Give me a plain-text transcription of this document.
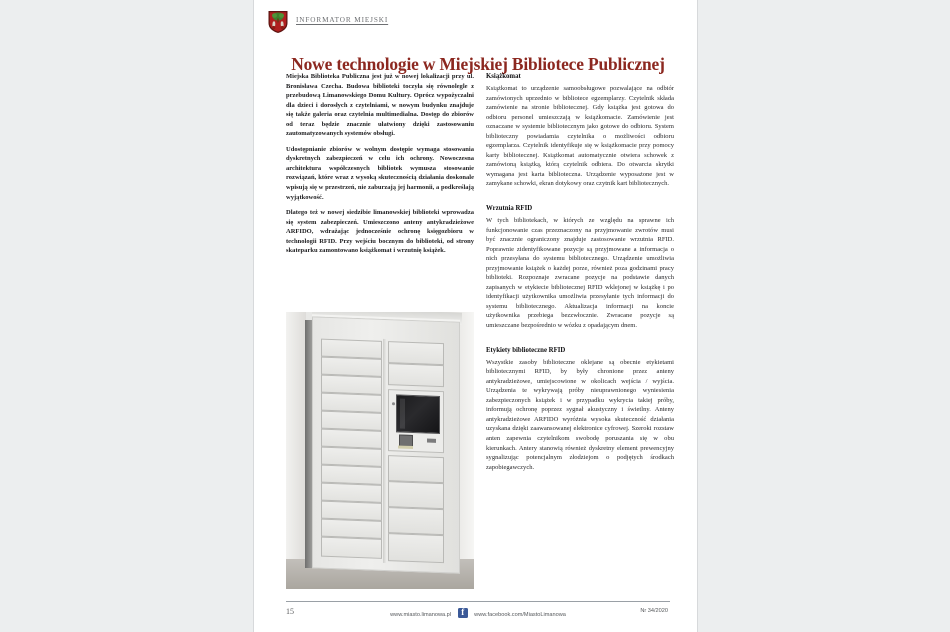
INFORMATOR MIEJSKI
Nowe technologie w Miejskiej Bibliotece Publicznej

Miejska Biblioteka Publiczna jest już w nowej lokalizacji przy ul. Bronisława Czecha. Budowa biblioteki toczyła się równolegle z przebudową Limanowskiego Domu Kultury. Oprócz wypożyczalni dla dzieci i dorosłych z czytelniami, w nowym budynku znajduje się także galeria oraz czytelnia multimedialna. Dostęp do zbiorów od teraz będzie znacznie ułatwiony dzięki zastosowaniu zautomatyzowanych systemów obsługi.

Udostępnianie zbiorów w wolnym dostępie wymaga stosowania dyskretnych zabezpieczeń w celu ich ochrony. Nowoczesna architektura współczesnych bibliotek wymusza stosowanie rozwiązań, które wraz z wysoką skutecznością działania doskonale wpisują się w przestrzeń, nie zaburzają jej harmonii, a podkreślają wyjątkowość.

Dlatego też w nowej siedzibie limanowskiej biblioteki wprowadza się system zabezpieczeń. Umieszczono anteny antykradzieżowe ARFIDO, wdrażając jednocześnie ochronę księgozbioru w technologii RFID. Przy wejściu bocznym do biblioteki, od strony skateparku zamontowano książkomat i wrzutnię książek.

Książkomat

Książkomat to urządzenie samoobsługowe pozwalające na odbiór zamówionych uprzednio w bibliotece egzemplarzy. Czytelnik składa zamówienie na stronie bibliotecznej. Gdy książka jest gotowa do odbioru personel umieszczają w książkomacie. Zamówienie jest oznaczane w systemie bibliotecznym jako gotowe do odbioru. System biblioteczny powiadamia czytelnika o możliwości odbioru egzemplarza. Czytelnik identyfikuje się w książkomacie przy pomocy karty bibliotecznej. Książkomat automatycznie otwiera schowek z zamówioną książką, którą czytelnik odbiera. Do otwarcia skrytki wymagana jest karta biblioteczna. Urządzenie wyposażone jest w zamykane schowki, ekran dotykowy oraz czytnik kart bibliotecznych.

Wrzutnia RFID

W tych bibliotekach, w których ze względu na sprawne ich funkcjonowanie czas przeznaczony na przyjmowanie zwrotów musi być znacznie ograniczony znajduje zastosowanie wrzutnia RFID. Poprawnie zidentyfikowane pozycje są przyjmowane a informacja o nich przesyłana do systemu bibliotecznego. Urządzenie umożliwia przyjmowanie książek o każdej porze, również poza godzinami pracy biblioteki. Rozpoznaje zwracane pozycje na podstawie danych zapisanych w etykiecie bibliotecznej RFID wklejonej w książkę i po identyfikacji użytkownika umożliwia przesyłanie tych informacji do systemu bibliotecznego. Aktualizacja informacji na koncie użytkownika przebiega bezzwłocznie. Zwracane pozycje są umieszczane bezpośrednio w wózku z opadającym dnem.

Etykiety biblioteczne RFID

Wszystkie zasoby biblioteczne oklejane są obecnie etykietami bibliotecznymi RFID, by były chronione przez anteny antykradzieżowe, umiejscowione w okolicach wejścia / wyjścia. Urządzenia te wykrywają próby nieuprawnionego wyniesienia zabezpieczonych książek i w przypadku wykrycia takiej próby, informują ochronę poprzez sygnał akustyczny i świetlny. Anteny antykradzieżowe ARFIDO wyróżnia wysoka skuteczność działania uzyskana dzięki zaawansowanej elektronice cyfrowej. Szeroki rozstaw anten zapewnia czytelnikom swobodę poruszania się w obu kierunkach. Antery stanowią również dyskretny element prewencyjny sygnalizując potencjalnym złodziejom o podjętych środkach zapobiegawczych.

15	www.miasto.limanowa.pl f	www.facebook.com/MiastoLimanowa
Nr 34/2020
